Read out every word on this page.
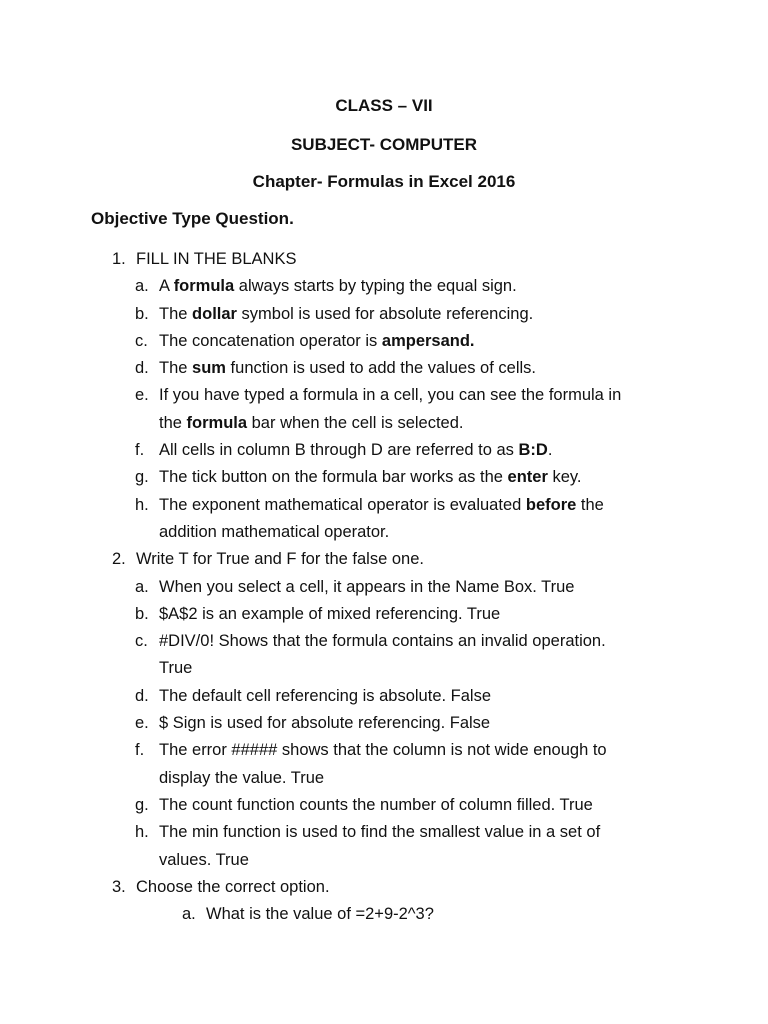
CLASS – VII
SUBJECT- COMPUTER
Chapter- Formulas in Excel 2016
Objective Type Question.
1. FILL IN THE BLANKS
a. A formula always starts by typing the equal sign.
b. The dollar symbol is used for absolute referencing.
c. The concatenation operator is ampersand.
d. The sum function is used to add the values of cells.
e. If you have typed a formula in a cell, you can see the formula in
the formula bar when the cell is selected.
f. All cells in column B through D are referred to as B:D.
g. The tick button on the formula bar works as the enter key.
h. The exponent mathematical operator is evaluated before the
addition mathematical operator.
2. Write T for True and F for the false one.
a. When you select a cell, it appears in the Name Box. True
b. $A$2 is an example of mixed referencing. True
c. #DIV/0! Shows that the formula contains an invalid operation.
True
d. The default cell referencing is absolute. False
e. $ Sign is used for absolute referencing. False
f. The error ##### shows that the column is not wide enough to
display the value. True
g. The count function counts the number of column filled. True
h. The min function is used to find the smallest value in a set of
values. True
3. Choose the correct option.
a. What is the value of =2+9-2^3?
